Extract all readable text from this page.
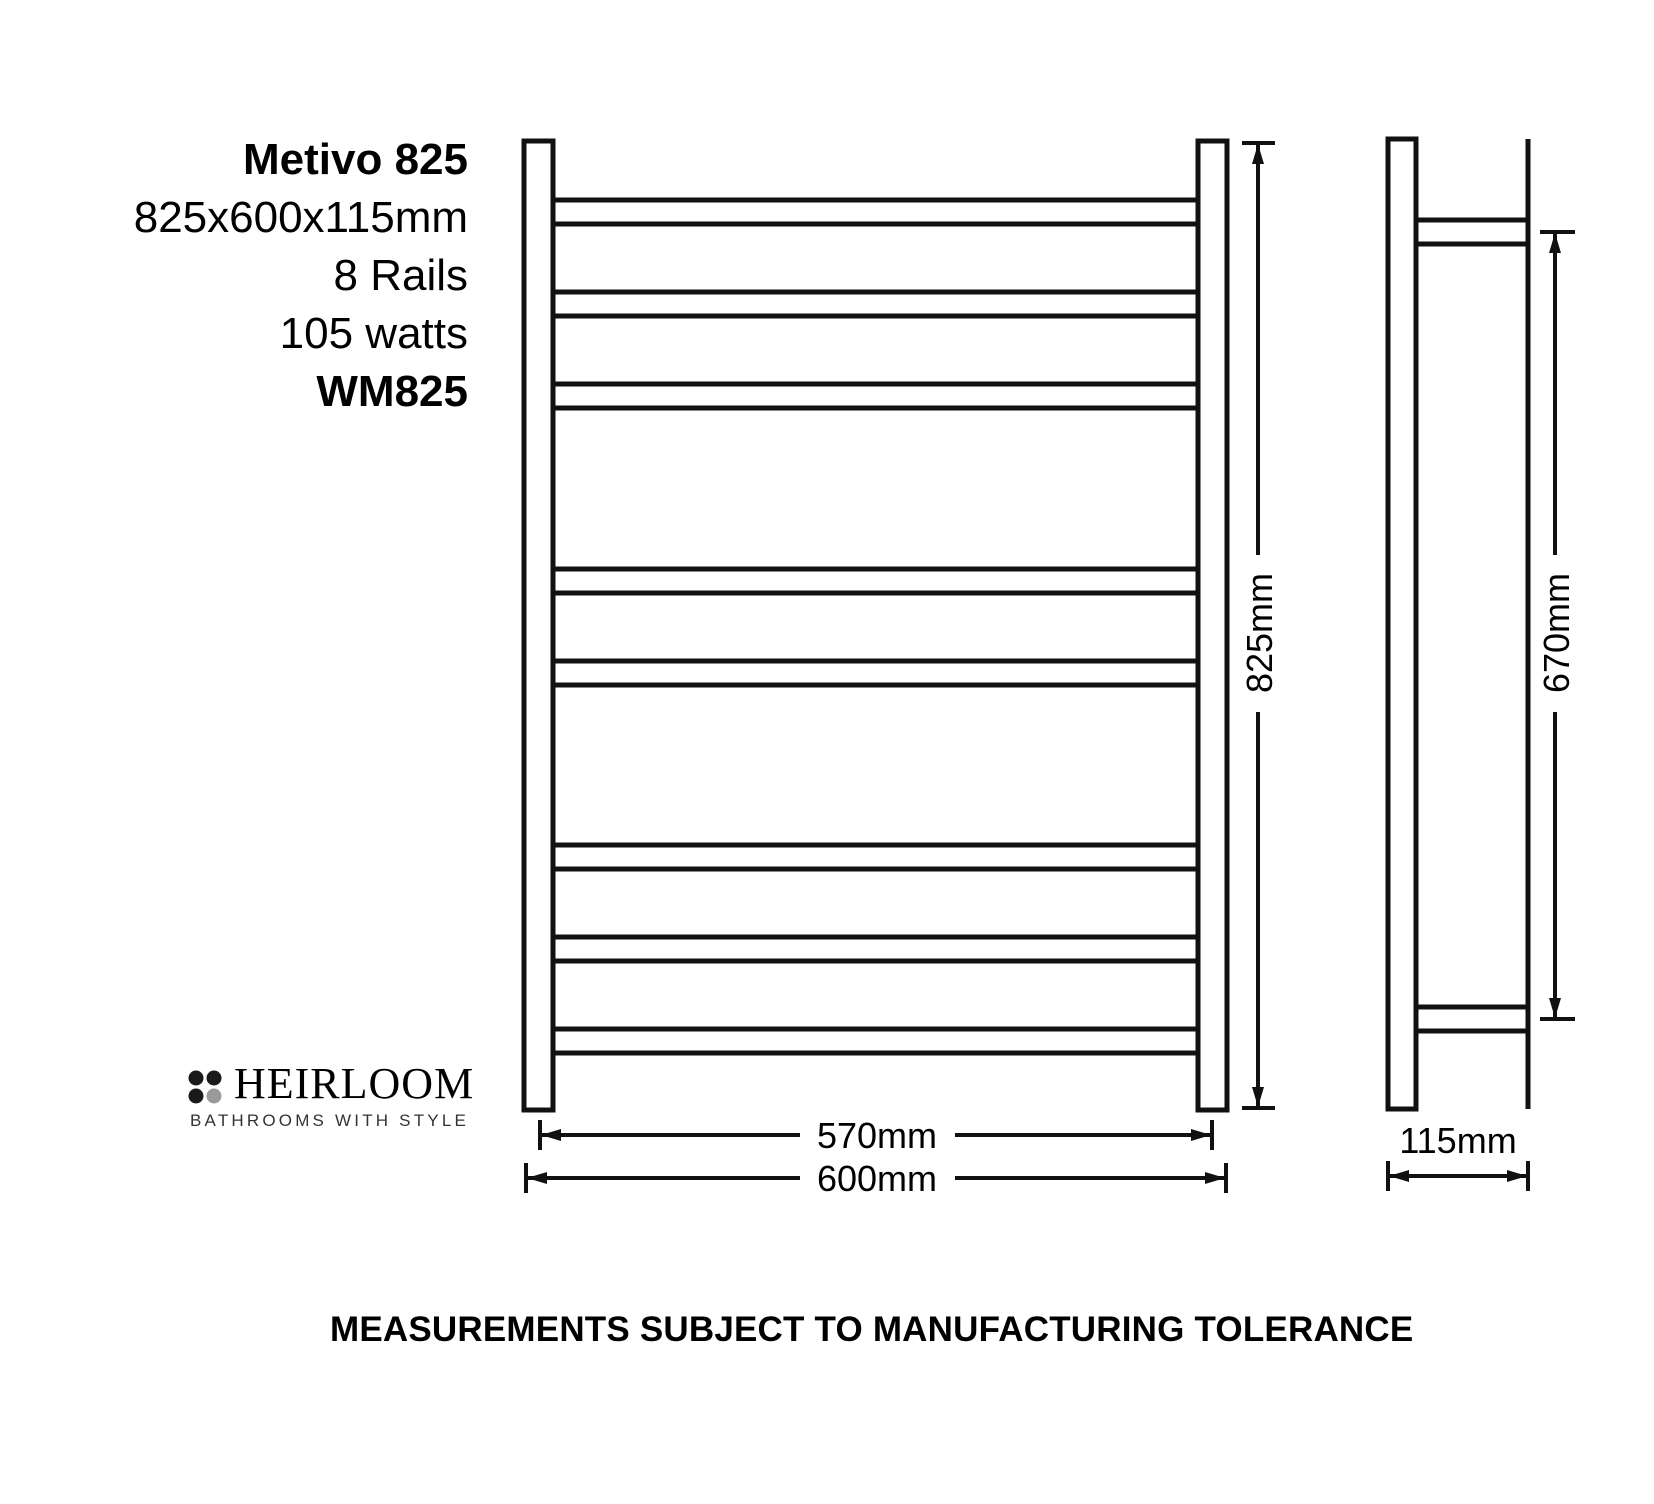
Metivo 825
825x600x115mm
8 Rails
105 watts
WM825
HEIRLOOM
BATHROOMS WITH STYLE
825mm	670mm
570mm
600mm
115mm
MEASUREMENTS SUBJECT TO MANUFACTURING TOLERANCE
